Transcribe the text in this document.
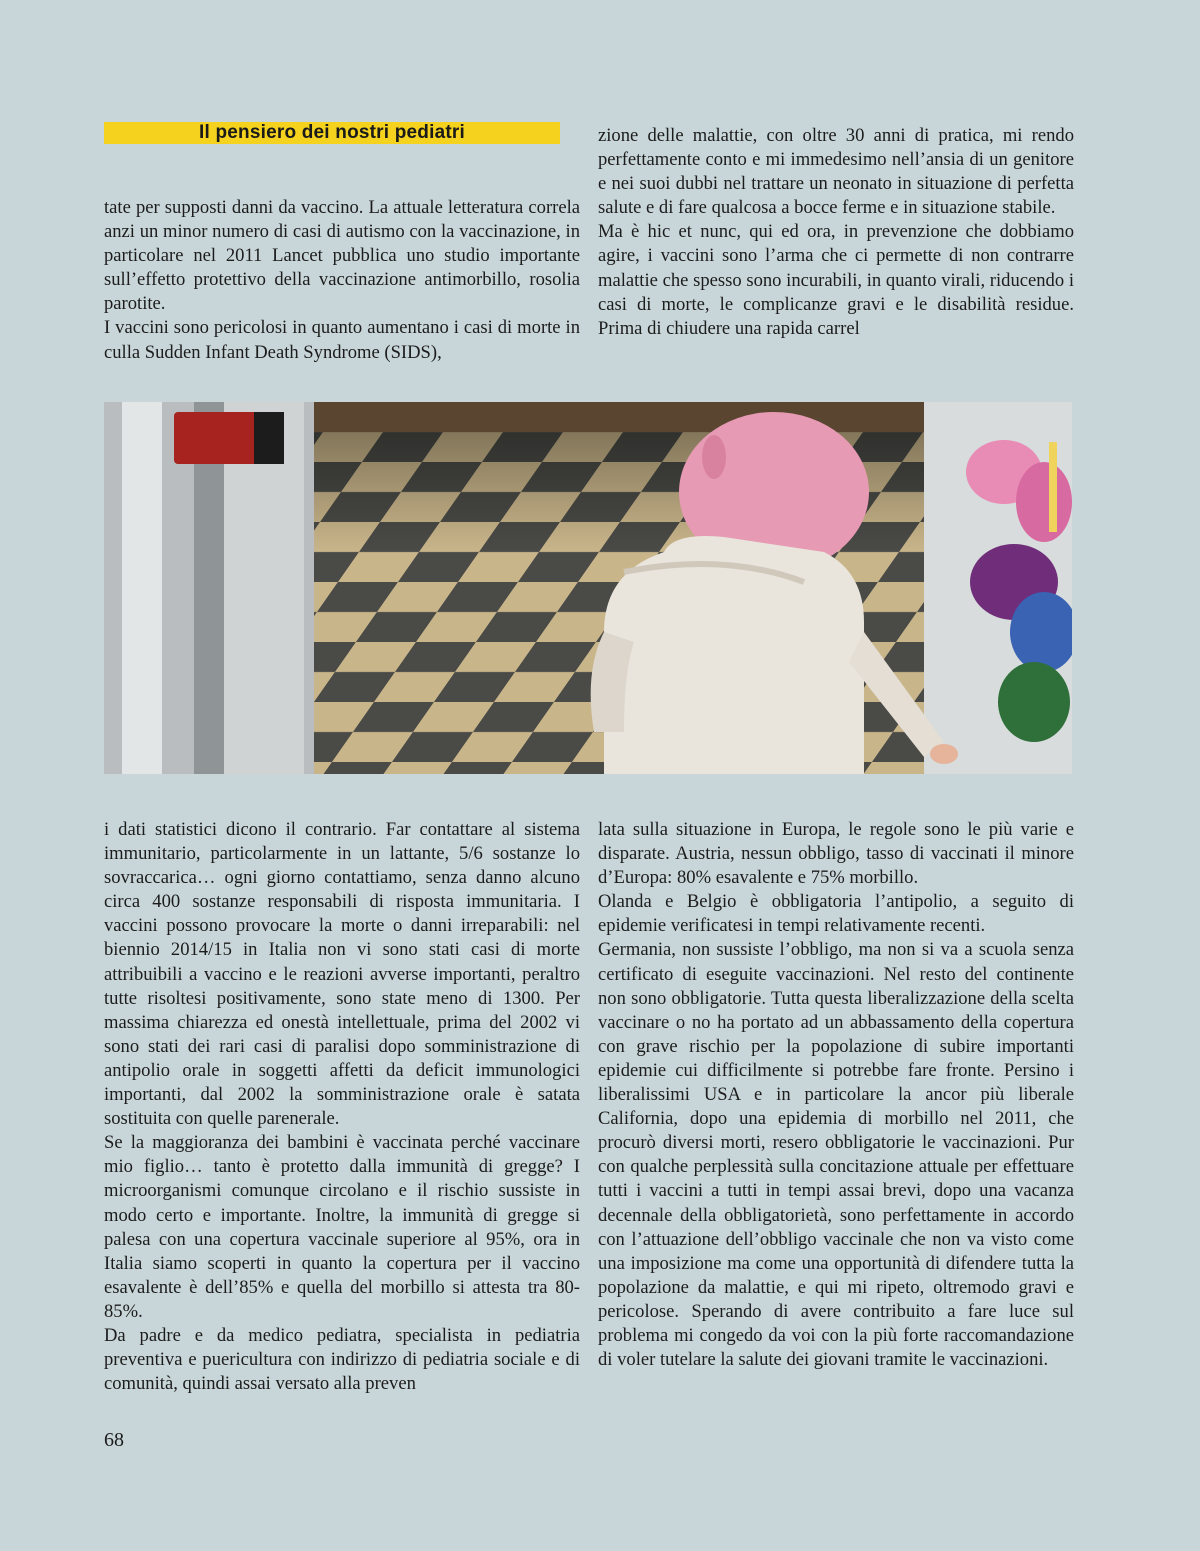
Il pensiero dei nostri pediatri

tate per supposti danni da vaccino. La attuale letteratura correla anzi un minor numero di casi di autismo con la vaccinazione, in particolare nel 2011 Lancet pubblica uno studio importante sull’effetto protettivo della vaccinazione antimorbillo, rosolia parotite.

I vaccini sono pericolosi in quanto aumentano i casi di morte in culla Sudden Infant Death Syndrome (SIDS),

zione delle malattie, con oltre 30 anni di pratica, mi rendo perfettamente conto e mi immedesimo nell’ansia di un genitore e nei suoi dubbi nel trattare un neonato in situazione di perfetta salute e di fare qualcosa a bocce ferme e in situazione stabile.

Ma è hic et nunc, qui ed ora, in prevenzione che dobbiamo agire, i vaccini sono l’arma che ci permette di non contrarre malattie che spesso sono incurabili, in quanto virali, riducendo i casi di morte, le complicanze gravi e le disabilità residue. Prima di chiudere una rapida carrel

i dati statistici dicono il contrario. Far contattare al sistema immunitario, particolarmente in un lattante, 5/6 sostanze lo sovraccarica… ogni giorno contattiamo, senza danno alcuno circa 400 sostanze responsabili di risposta immunitaria. I vaccini possono provocare la morte o danni irreparabili: nel biennio 2014/15 in Italia non vi sono stati casi di morte attribuibili a vaccino e le reazioni avverse importanti, peraltro tutte risoltesi positivamente, sono state meno di 1300. Per massima chiarezza ed onestà intellettuale, prima del 2002 vi sono stati dei rari casi di paralisi dopo somministrazione di antipolio orale in soggetti affetti da deficit immunologici importanti, dal 2002 la somministrazione orale è satata sostituita con quelle parenerale.

Se la maggioranza dei bambini è vaccinata perché vaccinare mio figlio… tanto è protetto dalla immunità di gregge? I microorganismi comunque circolano e il rischio sussiste in modo certo e importante. Inoltre, la immunità di gregge si palesa con una copertura vaccinale superiore al 95%, ora in Italia siamo scoperti in quanto la copertura per il vaccino esavalente è dell’85% e quella del morbillo si attesta tra 80-85%.

Da padre e da medico pediatra, specialista in pediatria preventiva e puericultura con indirizzo di pediatria sociale e di comunità, quindi assai versato alla preven

lata sulla situazione in Europa, le regole sono le più varie e disparate. Austria, nessun obbligo, tasso di vaccinati il minore d’Europa: 80% esavalente e 75% morbillo.

Olanda e Belgio è obbligatoria l’antipolio, a seguito di epidemie verificatesi in tempi relativamente recenti.

Germania, non sussiste l’obbligo, ma non si va a scuola senza certificato di eseguite vaccinazioni. Nel resto del continente non sono obbligatorie. Tutta questa liberalizzazione della scelta vaccinare o no ha portato ad un abbassamento della copertura con grave rischio per la popolazione di subire importanti epidemie cui difficilmente si potrebbe fare fronte. Persino i liberalissimi USA e in particolare la ancor più liberale California, dopo una epidemia di morbillo nel 2011, che procurò diversi morti, resero obbligatorie le vaccinazioni. Pur con qualche perplessità sulla concitazione attuale per effettuare tutti i vaccini a tutti in tempi assai brevi, dopo una vacanza decennale della obbligatorietà, sono perfettamente in accordo con l’attuazione dell’obbligo vaccinale che non va visto come una imposizione ma come una opportunità di difendere tutta la popolazione da malattie, e qui mi ripeto, oltremodo gravi e pericolose. Sperando di avere contribuito a fare luce sul problema mi congedo da voi con la più forte raccomandazione di voler tutelare la salute dei giovani tramite le vaccinazioni.

68
